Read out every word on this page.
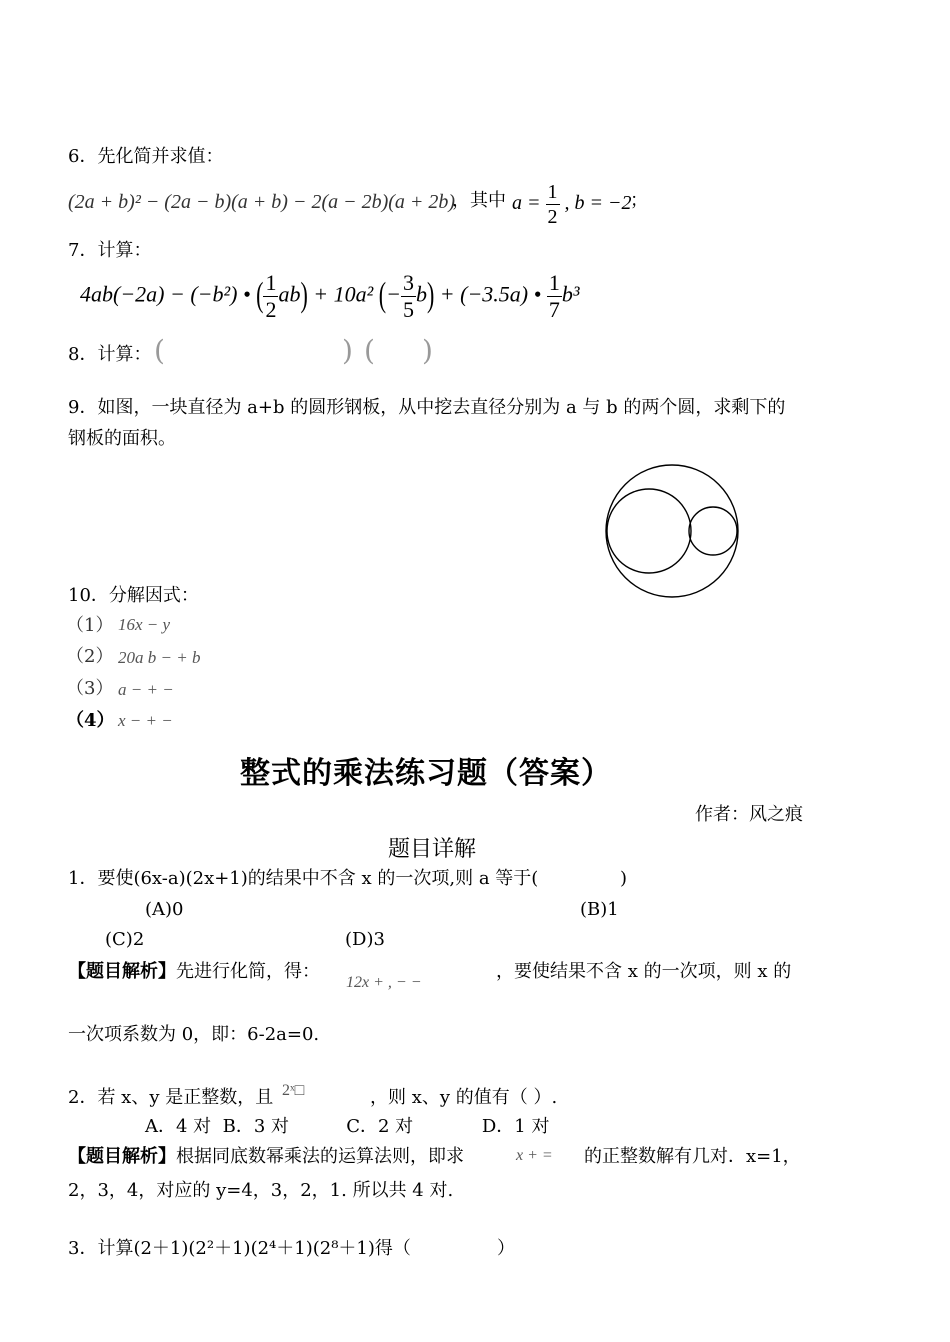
6．先化简并求值：
(2a + b)² − (2a − b)(a + b) − 2(a − 2b)(a + 2b)
，其中 $a = \frac{1}{2}$ , b = −2
；
7．计算：
4ab(−2a) − (−b²) • ( $\frac{1}{2} ab) + 10a^2$ (− $\frac{3}{5} b) + (-3.5a)$ • $\frac{1}{7} b^3$
8．计算： (	) ( )
9．如图，一块直径为 a+b 的圆形钢板，从中挖去直径分别为 a 与 b 的两个圆，求剩下的
钢板的面积。
10．分解因式：
（1） 16x − y
（2） 20a b − + b
（3） a − + −
（4） x − + −
整式的乘法练习题（答案）
作者：风之痕
题目详解
1．要使(6x-a)(2x+1)的结果中不含 x 的一次项,则 a 等于(	)
(A)0	(B)1
(C)2	(D)3
【题目解析】先进行化简，得：
12x + , − −
，要使结果不含 x 的一次项，则 x 的
一次项系数为 0，即：6-2a=0.
2．若 x、y 是正整数，且 2ˣ□	，则 x、y 的值有（ ）.
A．4 对  B．3 对          C．2 对            D．1 对
【题目解析】根据同底数幂乘法的运算法则，即求	x + = 的正整数解有几对．x=1，
2，3，4，对应的 y=4，3，2，1. 所以共 4 对.
3．计算(2＋1)(2²＋1)(2⁴＋1)(2⁸＋1)得（	）
